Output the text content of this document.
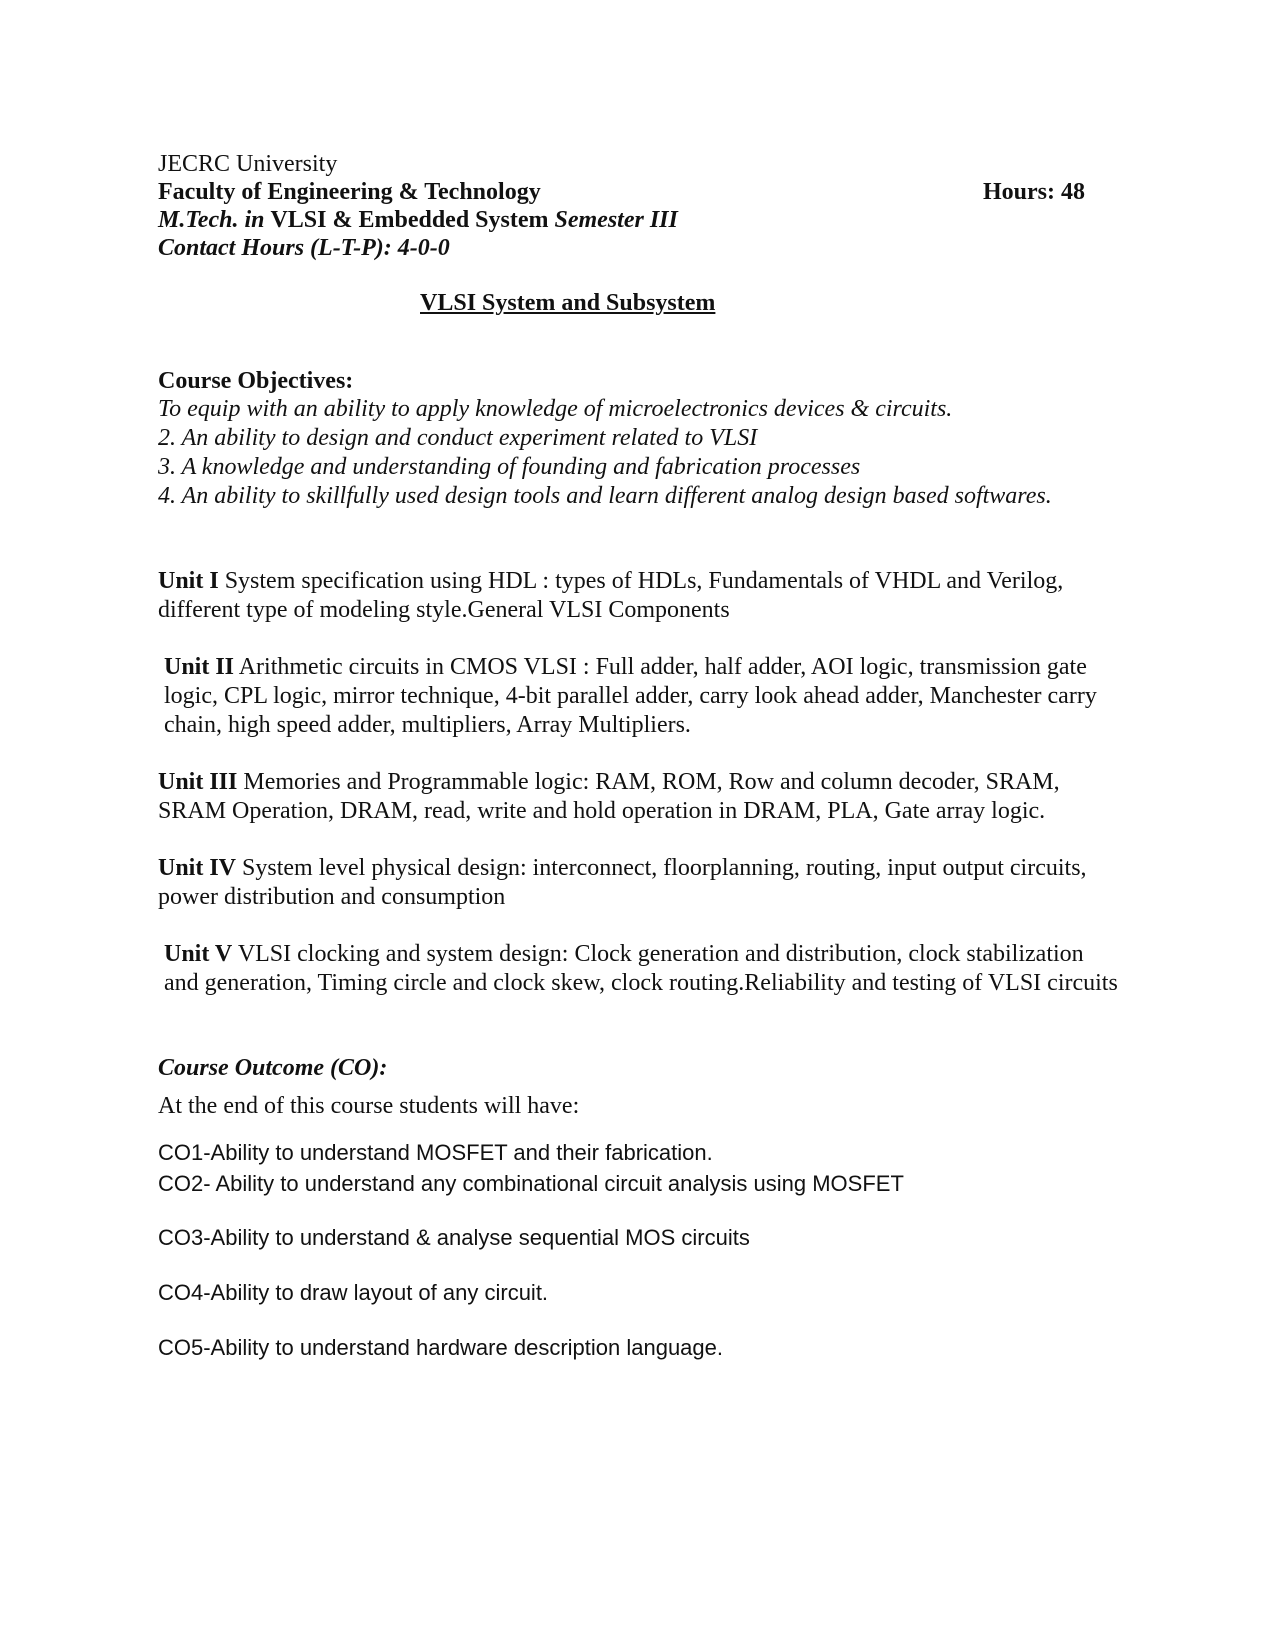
JECRC University
Faculty of Engineering & Technology	Hours: 48
M.Tech. in VLSI & Embedded System Semester III
Contact Hours (L-T-P): 4-0-0
VLSI System and Subsystem
Course Objectives:
To equip with an ability to apply knowledge of microelectronics devices & circuits.
2. An ability to design and conduct experiment related to VLSI
3. A knowledge and understanding of founding and fabrication processes
4. An ability to skillfully used design tools and learn different analog design based softwares.
Unit I System specification using HDL : types of HDLs, Fundamentals of VHDL and Verilog, different type of modeling style.General VLSI Components
Unit II Arithmetic circuits in CMOS VLSI : Full adder, half adder, AOI logic, transmission gate logic, CPL logic, mirror technique, 4-bit parallel adder, carry look ahead adder, Manchester carry chain, high speed adder, multipliers, Array Multipliers.
Unit III Memories and Programmable logic: RAM, ROM, Row and column decoder, SRAM, SRAM Operation, DRAM, read, write and hold operation in DRAM, PLA, Gate array logic.
Unit IV System level physical design: interconnect, floorplanning, routing, input output circuits, power distribution and consumption
Unit V VLSI clocking and system design: Clock generation and distribution, clock stabilization and generation, Timing circle and clock skew, clock routing.Reliability and testing of VLSI circuits
Course Outcome (CO):
At the end of this course students will have:
CO1-Ability to understand MOSFET and their fabrication.
CO2- Ability to understand any combinational circuit analysis using MOSFET
CO3-Ability to understand & analyse sequential MOS circuits
CO4-Ability to draw layout of any circuit.
CO5-Ability to understand hardware description language.
